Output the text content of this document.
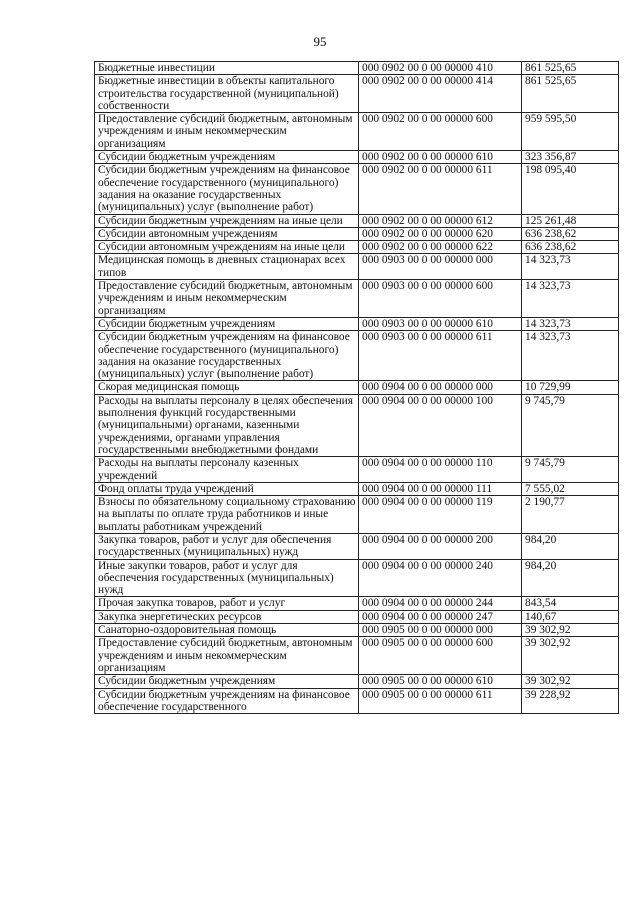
95
Бюджетные инвестиции	000 0902 00 0 00 00000 410	861 525,65
Бюджетные инвестиции в объекты капитального строительства государственной (муниципальной) собственности	000 0902 00 0 00 00000 414	861 525,65
Предоставление субсидий бюджетным, автономным учреждениям и иным некоммерческим организациям	000 0902 00 0 00 00000 600	959 595,50
Субсидии бюджетным учреждениям	000 0902 00 0 00 00000 610	323 356,87
Субсидии бюджетным учреждениям на финансовое обеспечение государственного (муниципального) задания на оказание государственных (муниципальных) услуг (выполнение работ)	000 0902 00 0 00 00000 611	198 095,40
Субсидии бюджетным учреждениям на иные цели	000 0902 00 0 00 00000 612	125 261,48
Субсидии автономным учреждениям	000 0902 00 0 00 00000 620	636 238,62
Субсидии автономным учреждениям на иные цели	000 0902 00 0 00 00000 622	636 238,62
Медицинская помощь в дневных стационарах всех типов	000 0903 00 0 00 00000 000	14 323,73
Предоставление субсидий бюджетным, автономным учреждениям и иным некоммерческим организациям	000 0903 00 0 00 00000 600	14 323,73
Субсидии бюджетным учреждениям	000 0903 00 0 00 00000 610	14 323,73
Субсидии бюджетным учреждениям на финансовое обеспечение государственного (муниципального) задания на оказание государственных (муниципальных) услуг (выполнение работ)	000 0903 00 0 00 00000 611	14 323,73
Скорая медицинская помощь	000 0904 00 0 00 00000 000	10 729,99
Расходы на выплаты персоналу в целях обеспечения выполнения функций государственными (муниципальными) органами, казенными учреждениями, органами управления государственными внебюджетными фондами	000 0904 00 0 00 00000 100	9 745,79
Расходы на выплаты персоналу казенных учреждений	000 0904 00 0 00 00000 110	9 745,79
Фонд оплаты труда учреждений	000 0904 00 0 00 00000 111	7 555,02
Взносы по обязательному социальному страхованию на выплаты по оплате труда работников и иные выплаты работникам учреждений	000 0904 00 0 00 00000 119	2 190,77
Закупка товаров, работ и услуг для обеспечения государственных (муниципальных) нужд	000 0904 00 0 00 00000 200	984,20
Иные закупки товаров, работ и услуг для обеспечения государственных (муниципальных) нужд	000 0904 00 0 00 00000 240	984,20
Прочая закупка товаров, работ и услуг	000 0904 00 0 00 00000 244	843,54
Закупка энергетических ресурсов	000 0904 00 0 00 00000 247	140,67
Санаторно-оздоровительная помощь	000 0905 00 0 00 00000 000	39 302,92
Предоставление субсидий бюджетным, автономным учреждениям и иным некоммерческим организациям	000 0905 00 0 00 00000 600	39 302,92
Субсидии бюджетным учреждениям	000 0905 00 0 00 00000 610	39 302,92
Субсидии бюджетным учреждениям на финансовое обеспечение государственного	000 0905 00 0 00 00000 611	39 228,92
